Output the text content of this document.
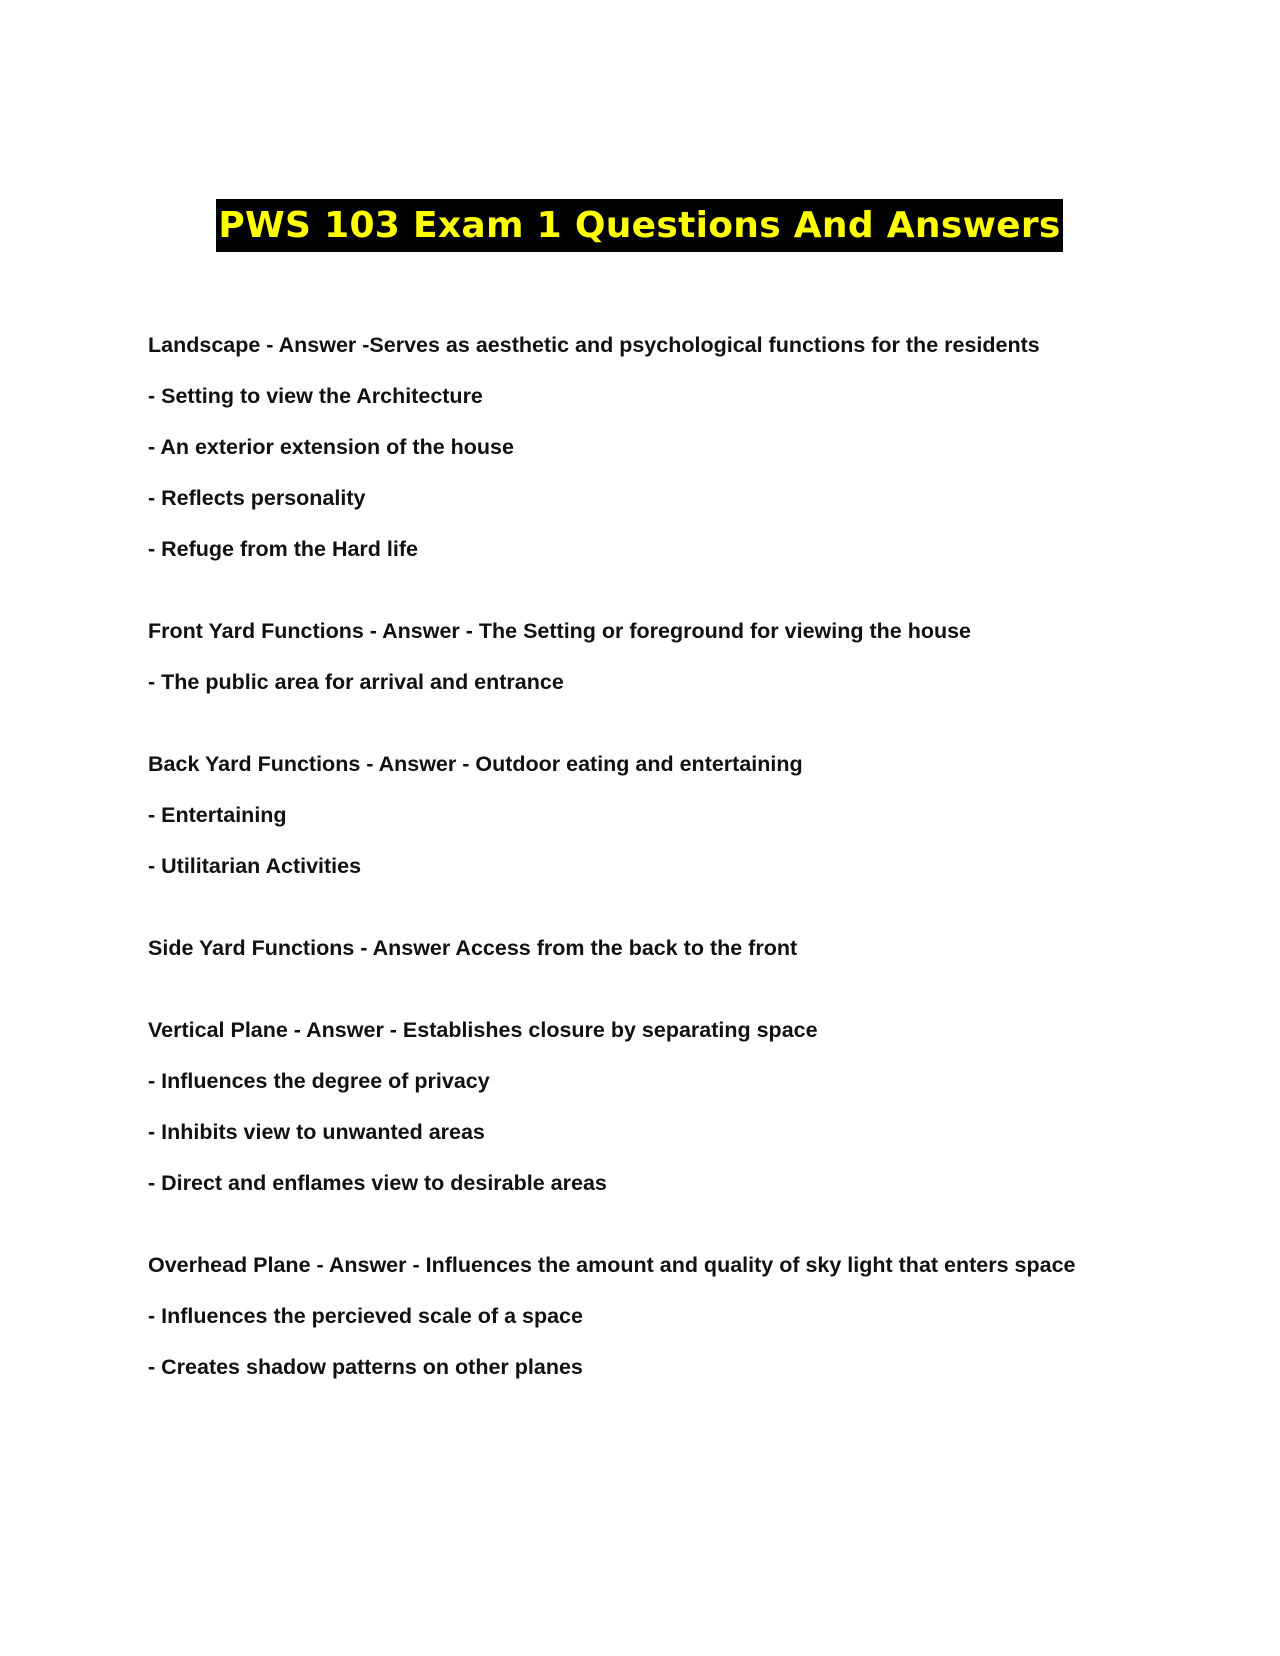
PWS 103 Exam 1 Questions And Answers
Landscape - Answer -Serves as aesthetic and psychological functions for the residents
- Setting to view the Architecture
- An exterior extension of the house
- Reflects personality
- Refuge from the Hard life
Front Yard Functions - Answer - The Setting or foreground for viewing the house
- The public area for arrival and entrance
Back Yard Functions - Answer - Outdoor eating and entertaining
- Entertaining
- Utilitarian Activities
Side Yard Functions - Answer Access from the back to the front
Vertical Plane - Answer - Establishes closure by separating space
- Influences the degree of privacy
- Inhibits view to unwanted areas
- Direct and enflames view to desirable areas
Overhead Plane - Answer - Influences the amount and quality of sky light that enters space
- Influences the percieved scale of a space
- Creates shadow patterns on other planes
